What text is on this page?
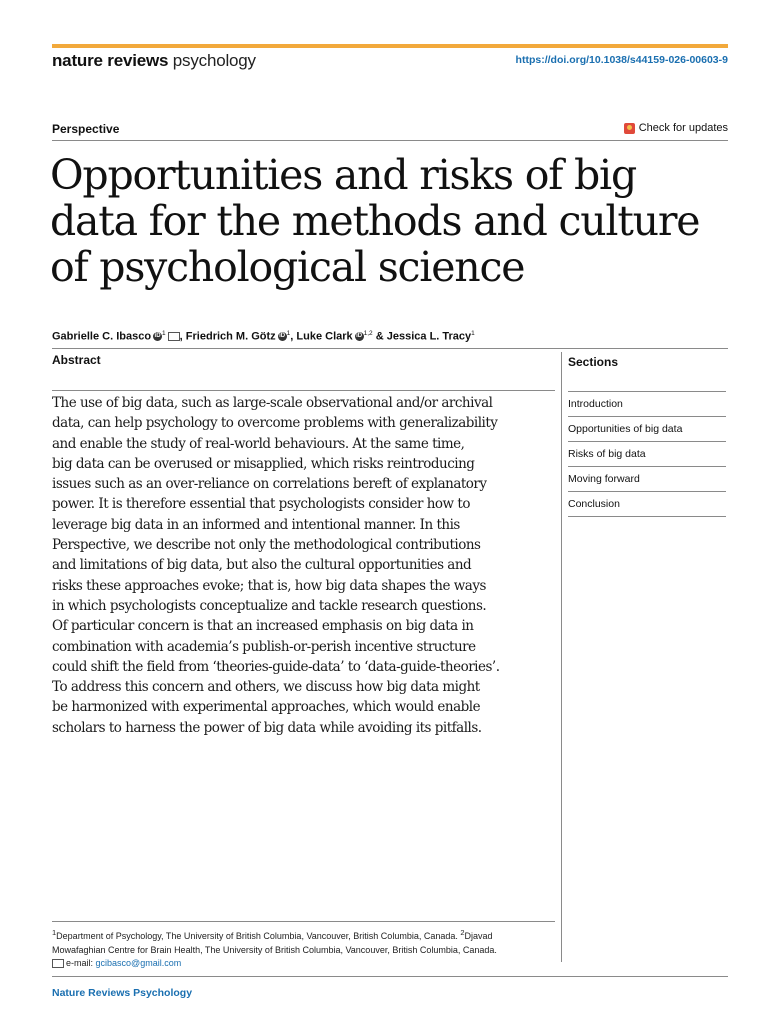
nature reviews psychology	https://doi.org/10.1038/s44159-026-00603-9
Perspective	Check for updates
Opportunities and risks of big data for the methods and culture of psychological science
Gabrielle C. Ibasco iD $^1$ , Friedrich M. Götz iD $^1$, Luke Clark iD $^{1,2}$ & Jessica L. Tracy$^1$
Abstract
The use of big data, such as large-scale observational and/or archival
data, can help psychology to overcome problems with generalizability
and enable the study of real-world behaviours. At the same time,
big data can be overused or misapplied, which risks reintroducing
issues such as an over-reliance on correlations bereft of explanatory
power. It is therefore essential that psychologists consider how to
leverage big data in an informed and intentional manner. In this
Perspective, we describe not only the methodological contributions
and limitations of big data, but also the cultural opportunities and
risks these approaches evoke; that is, how big data shapes the ways
in which psychologists conceptualize and tackle research questions.
Of particular concern is that an increased emphasis on big data in
combination with academia’s publish-or-perish incentive structure
could shift the field from ‘theories-guide-data’ to ‘data-guide-theories’.
To address this concern and others, we discuss how big data might
be harmonized with experimental approaches, which would enable
scholars to harness the power of big data while avoiding its pitfalls.
Sections
Introduction
Opportunities of big data
Risks of big data
Moving forward
Conclusion
$^1$Department of Psychology, The University of British Columbia, Vancouver, British Columbia, Canada. $^2$Djavad
Mowafaghian Centre for Brain Health, The University of British Columbia, Vancouver, British Columbia, Canada.
e-mail: gcibasco@gmail.com
Nature Reviews Psychology
